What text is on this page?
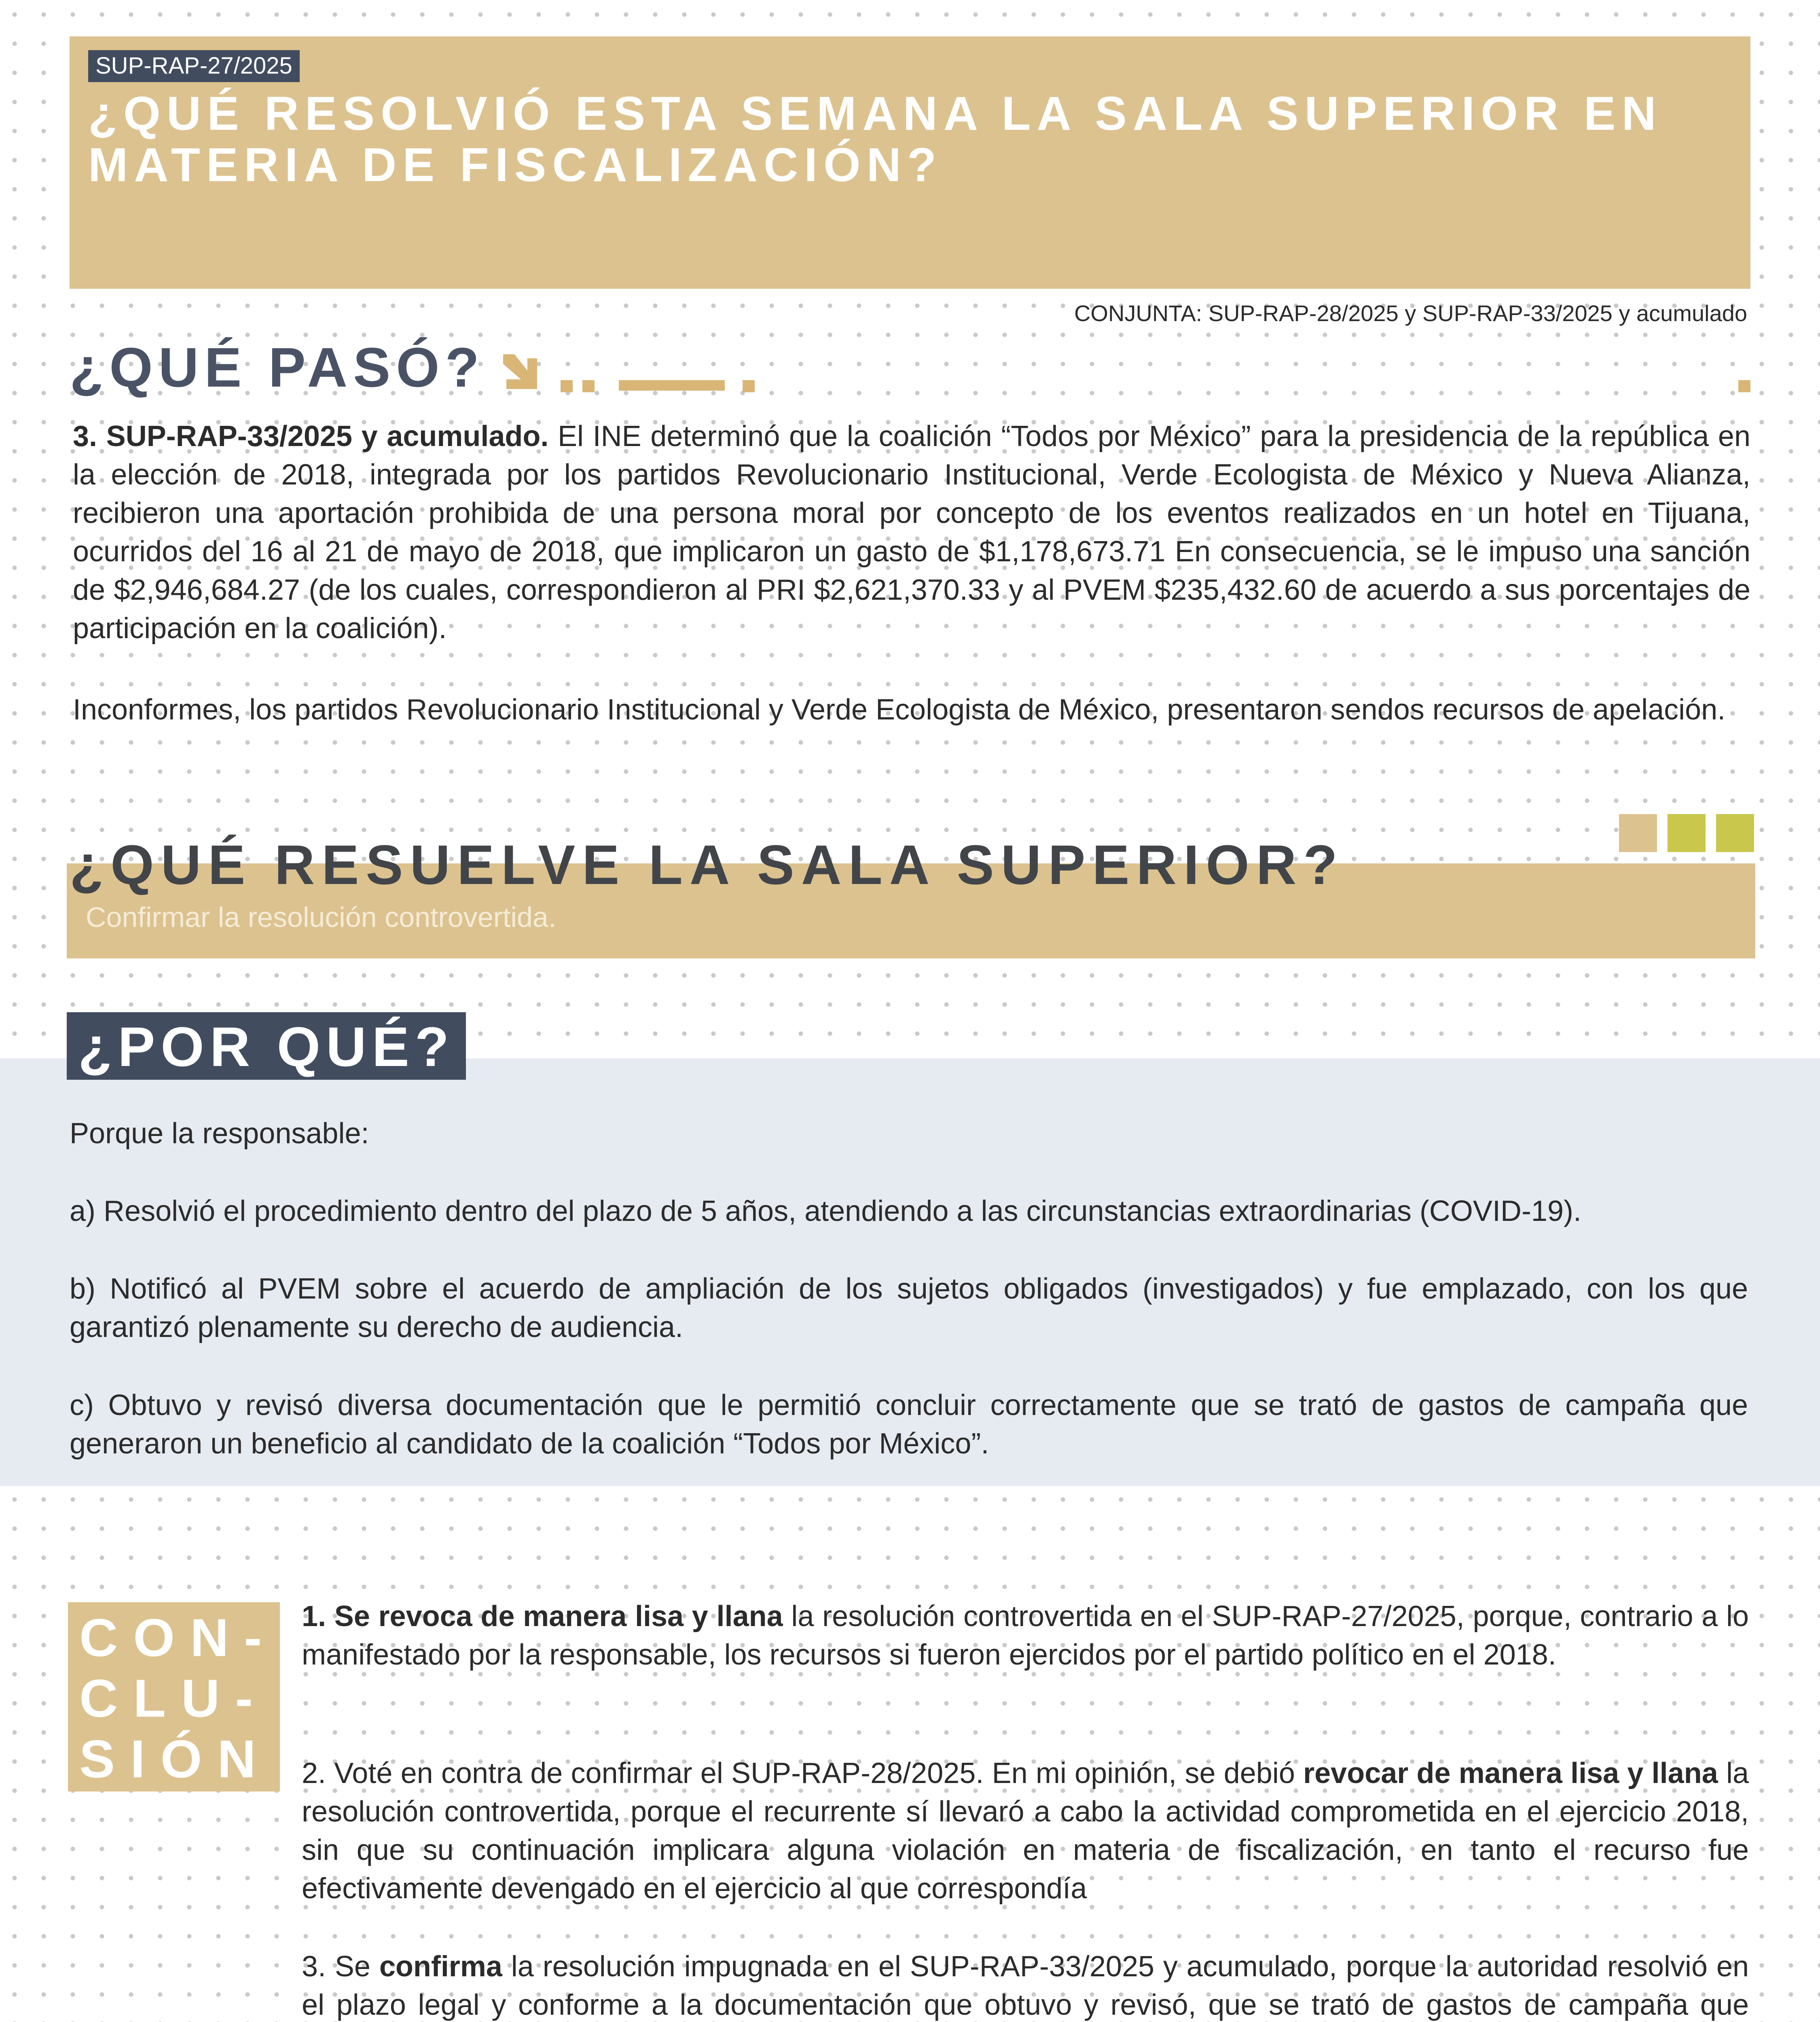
SUP-RAP-27/2025
¿QUÉ RESOLVIÓ ESTA SEMANA LA SALA SUPERIOR EN MATERIA DE FISCALIZACIÓN?
CONJUNTA: SUP-RAP-28/2025 y SUP-RAP-33/2025 y acumulado
¿QUÉ PASÓ?

3. SUP-RAP-33/2025 y acumulado. El INE determinó que la coalición “Todos por México” para la presidencia de la república en la elección de 2018, integrada por los partidos Revolucionario Institucional, Verde Ecologista de México y Nueva Alianza, recibieron una aportación prohibida de una persona moral por concepto de los eventos realizados en un hotel en Tijuana, ocurridos del 16 al 21 de mayo de 2018, que implicaron un gasto de $1,178,673.71 En consecuencia, se le impuso una sanción de $2,946,684.27 (de los cuales, correspondieron al PRI $2,621,370.33 y al PVEM $235,432.60 de acuerdo a sus porcentajes de participación en la coalición).

Inconformes, los partidos Revolucionario Institucional y Verde Ecologista de México, presentaron sendos recursos de apelación.

¿QUÉ RESUELVE LA SALA SUPERIOR?
Confirmar la resolución controvertida.
¿POR QUÉ?

Porque la responsable:

a) Resolvió el procedimiento dentro del plazo de 5 años, atendiendo a las circunstancias extraordinarias (COVID-19).

b) Notificó al PVEM sobre el acuerdo de ampliación de los sujetos obligados (investigados) y fue emplazado, con los que garantizó plenamente su derecho de audiencia.

c) Obtuvo y revisó diversa documentación que le permitió concluir correctamente que se trató de gastos de campaña que generaron un beneficio al candidato de la coalición “Todos por México”.

CON-
CLU-
SIÓN

1. Se revoca de manera lisa y llana la resolución controvertida en el SUP-RAP-27/2025, porque, contrario a lo manifestado por la responsable, los recursos si fueron ejercidos por el partido político en el 2018.

2. Voté en contra de confirmar el SUP-RAP-28/2025. En mi opinión, se debió revocar de manera lisa y llana la resolución controvertida, porque el recurrente sí llevaró a cabo la actividad comprometida en el ejercicio 2018, sin que su continuación implicara alguna violación en materia de fiscalización, en tanto el recurso fue efectivamente devengado en el ejercicio al que correspondía

3. Se confirma la resolución impugnada en el SUP-RAP-33/2025 y acumulado, porque la autoridad resolvió en el plazo legal y conforme a la documentación que obtuvo y revisó, que se trató de gastos de campaña que
